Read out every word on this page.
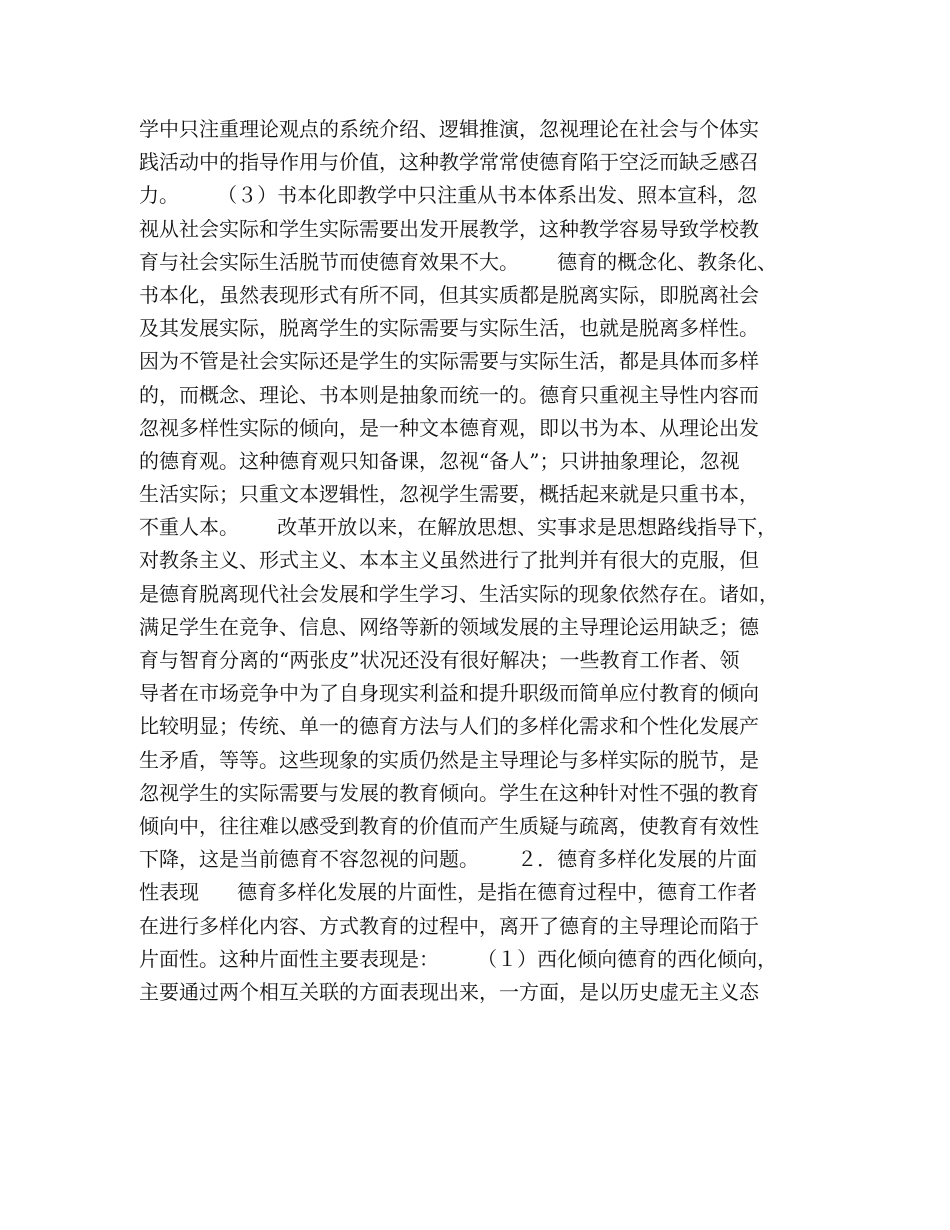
学中只注重理论观点的系统介绍、逻辑推演，忽视理论在社会与个体实
践活动中的指导作用与价值，这种教学常常使德育陷于空泛而缺乏感召
力。      （３）书本化即教学中只注重从书本体系出发、照本宣科，忽
视从社会实际和学生实际需要出发开展教学，这种教学容易导致学校教
育与社会实际生活脱节而使德育效果不大。      德育的概念化、教条化、
书本化，虽然表现形式有所不同，但其实质都是脱离实际，即脱离社会
及其发展实际，脱离学生的实际需要与实际生活，也就是脱离多样性。
因为不管是社会实际还是学生的实际需要与实际生活，都是具体而多样
的，而概念、理论、书本则是抽象而统一的。德育只重视主导性内容而
忽视多样性实际的倾向，是一种文本德育观，即以书为本、从理论出发
的德育观。这种德育观只知备课，忽视“备人”；只讲抽象理论，忽视
生活实际；只重文本逻辑性，忽视学生需要，概括起来就是只重书本，
不重人本。      改革开放以来，在解放思想、实事求是思想路线指导下，
对教条主义、形式主义、本本主义虽然进行了批判并有很大的克服，但
是德育脱离现代社会发展和学生学习、生活实际的现象依然存在。诸如，
满足学生在竞争、信息、网络等新的领域发展的主导理论运用缺乏；德
育与智育分离的“两张皮”状况还没有很好解决；一些教育工作者、领
导者在市场竞争中为了自身现实利益和提升职级而简单应付教育的倾向
比较明显；传统、单一的德育方法与人们的多样化需求和个性化发展产
生矛盾，等等。这些现象的实质仍然是主导理论与多样实际的脱节，是
忽视学生的实际需要与发展的教育倾向。学生在这种针对性不强的教育
倾向中，往往难以感受到教育的价值而产生质疑与疏离，使教育有效性
下降，这是当前德育不容忽视的问题。      ２．德育多样化发展的片面
性表现      德育多样化发展的片面性，是指在德育过程中，德育工作者
在进行多样化内容、方式教育的过程中，离开了德育的主导理论而陷于
片面性。这种片面性主要表现是：      （１）西化倾向德育的西化倾向，
主要通过两个相互关联的方面表现出来，一方面，是以历史虚无主义态
